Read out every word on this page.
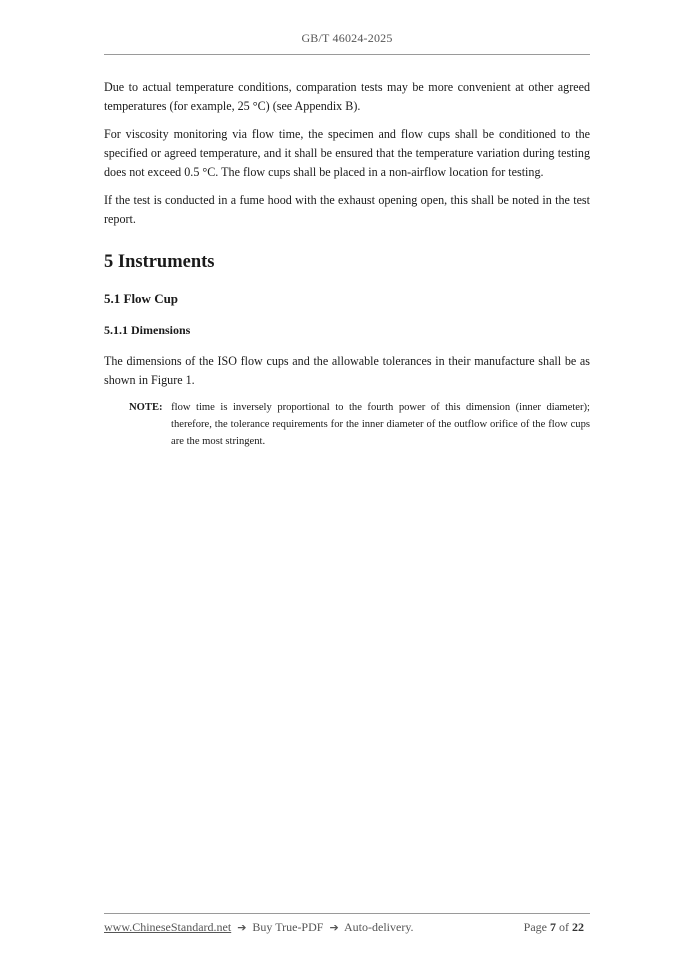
GB/T 46024-2025

Due to actual temperature conditions, comparation tests may be more convenient at other agreed temperatures (for example, 25 °C) (see Appendix B).

For viscosity monitoring via flow time, the specimen and flow cups shall be conditioned to the specified or agreed temperature, and it shall be ensured that the temperature variation during testing does not exceed 0.5 °C. The flow cups shall be placed in a non-airflow location for testing.

If the test is conducted in a fume hood with the exhaust opening open, this shall be noted in the test report.

5 Instruments
5.1 Flow Cup
5.1.1 Dimensions

The dimensions of the ISO flow cups and the allowable tolerances in their manufacture shall be as shown in Figure 1.

NOTE: flow time is inversely proportional to the fourth power of this dimension (inner diameter); therefore, the tolerance requirements for the inner diameter of the outflow orifice of the flow cups are the most stringent.
www.ChineseStandard.net ➔ Buy True-PDF ➔ Auto-delivery.	Page 7 of 22
